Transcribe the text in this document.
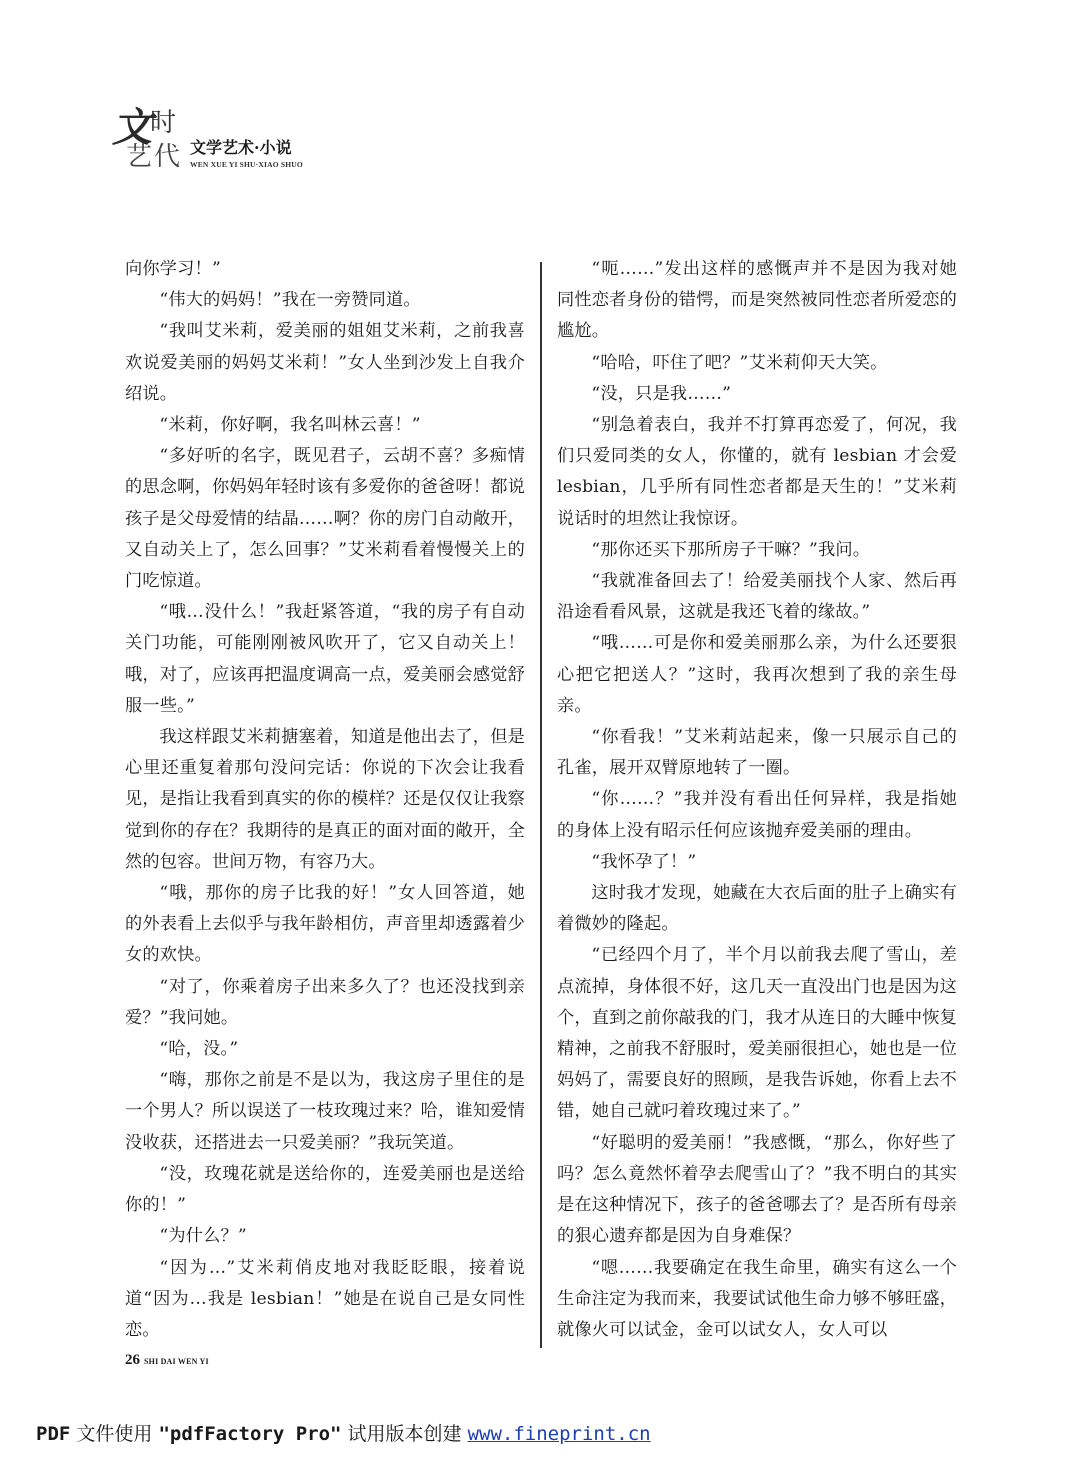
文
时
艺 代 文学艺术·小说
WEN XUE YI SHU·XIAO SHUO

向你学习！”

“伟大的妈妈！”我在一旁赞同道。

“我叫艾米莉，爱美丽的姐姐艾米莉，之前我喜欢说爱美丽的妈妈艾米莉！”女人坐到沙发上自我介绍说。

“米莉，你好啊，我名叫林云喜！”

“多好听的名字，既见君子，云胡不喜？多痴情的思念啊，你妈妈年轻时该有多爱你的爸爸呀！都说孩子是父母爱情的结晶……啊？你的房门自动敞开，又自动关上了，怎么回事？”艾米莉看着慢慢关上的门吃惊道。

“哦…没什么！”我赶紧答道，“我的房子有自动关门功能，可能刚刚被风吹开了，它又自动关上！哦，对了，应该再把温度调高一点，爱美丽会感觉舒服一些。”

我这样跟艾米莉搪塞着，知道是他出去了，但是心里还重复着那句没问完话：你说的下次会让我看见，是指让我看到真实的你的模样？还是仅仅让我察觉到你的存在？我期待的是真正的面对面的敞开，全然的包容。世间万物，有容乃大。

“哦，那你的房子比我的好！”女人回答道，她的外表看上去似乎与我年龄相仿，声音里却透露着少女的欢快。

“对了，你乘着房子出来多久了？也还没找到亲爱？”我问她。

“哈，没。”

“嗨，那你之前是不是以为，我这房子里住的是一个男人？所以误送了一枝玫瑰过来？哈，谁知爱情没收获，还搭进去一只爱美丽？”我玩笑道。

“没，玫瑰花就是送给你的，连爱美丽也是送给你的！”

“为什么？”

“因为…”艾米莉俏皮地对我眨眨眼，接着说道“因为…我是 lesbian！”她是在说自己是女同性恋。

“呃……”发出这样的感慨声并不是因为我对她同性恋者身份的错愕，而是突然被同性恋者所爱恋的尴尬。

“哈哈，吓住了吧？”艾米莉仰天大笑。

“没，只是我……”

“别急着表白，我并不打算再恋爱了，何况，我们只爱同类的女人，你懂的，就有 lesbian 才会爱 lesbian，几乎所有同性恋者都是天生的！”艾米莉说话时的坦然让我惊讶。

“那你还买下那所房子干嘛？”我问。

“我就准备回去了！给爱美丽找个人家、然后再沿途看看风景，这就是我还飞着的缘故。”

“哦……可是你和爱美丽那么亲，为什么还要狠心把它把送人？”这时，我再次想到了我的亲生母亲。

“你看我！”艾米莉站起来，像一只展示自己的孔雀，展开双臂原地转了一圈。

“你……？”我并没有看出任何异样，我是指她的身体上没有昭示任何应该抛弃爱美丽的理由。

“我怀孕了！”

这时我才发现，她藏在大衣后面的肚子上确实有着微妙的隆起。

“已经四个月了，半个月以前我去爬了雪山，差点流掉，身体很不好，这几天一直没出门也是因为这个，直到之前你敲我的门，我才从连日的大睡中恢复精神，之前我不舒服时，爱美丽很担心，她也是一位妈妈了，需要良好的照顾，是我告诉她，你看上去不错，她自己就叼着玫瑰过来了。”

“好聪明的爱美丽！”我感慨，“那么，你好些了吗？怎么竟然怀着孕去爬雪山了？”我不明白的其实是在这种情况下，孩子的爸爸哪去了？是否所有母亲的狠心遗弃都是因为自身难保？

“嗯……我要确定在我生命里，确实有这么一个生命注定为我而来，我要试试他生命力够不够旺盛，就像火可以试金，金可以试女人，女人可以

26 SHI DAI WEN YI
PDF 文件使用 "pdfFactory Pro" 试用版本创建 www.fineprint.cn
